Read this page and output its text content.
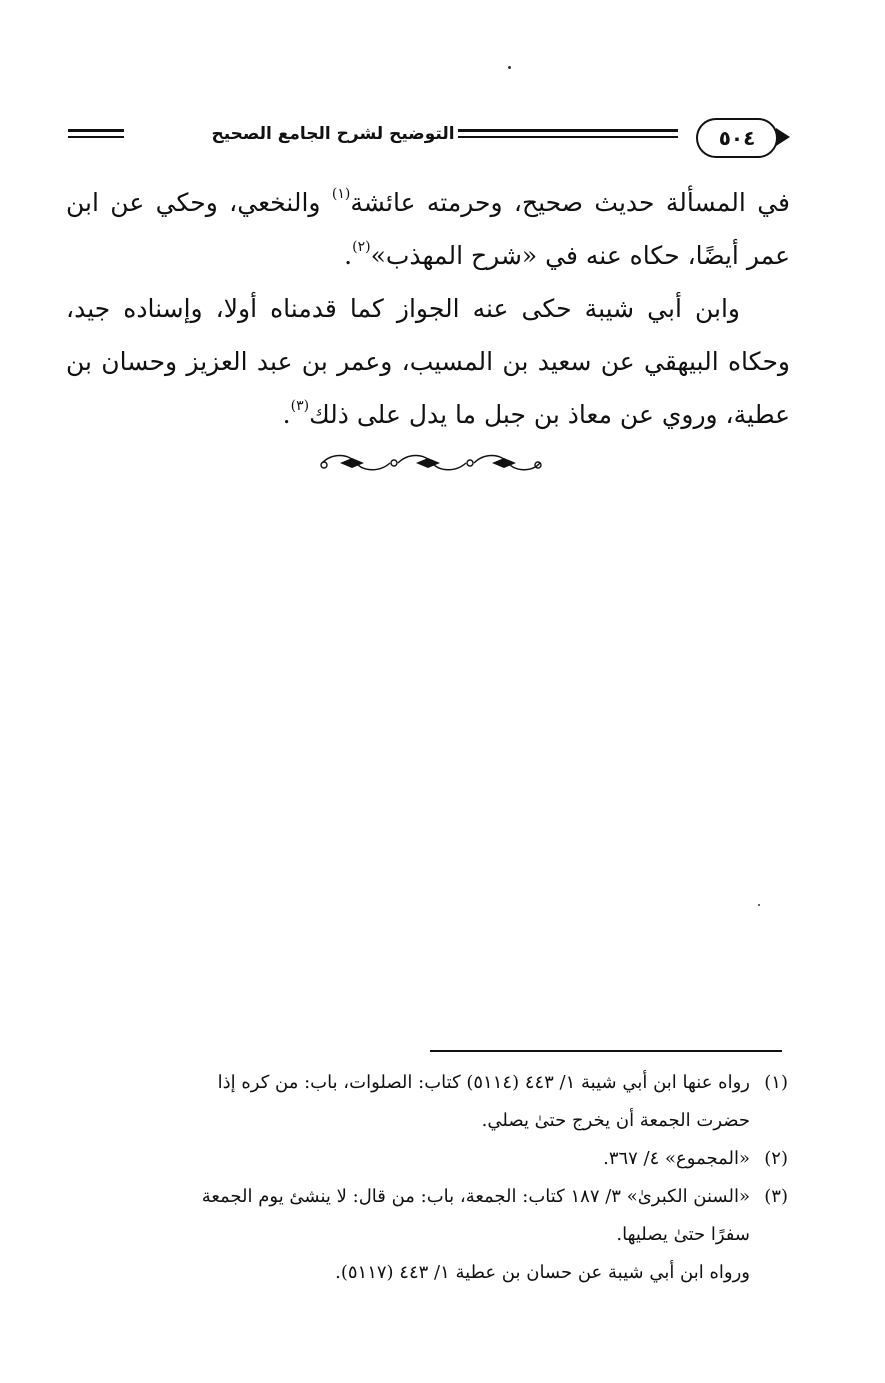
التوضيح لشرح الجامع الصحيح	٥٠٤

في المسألة حديث صحيح، وحرمته عائشة$^{(١)}$ والنخعي، وحكي عن ابن عمر أيضًا، حكاه عنه في «شرح المهذب»$^{(٢)}$.

وابن أبي شيبة حكى عنه الجواز كما قدمناه أولا، وإسناده جيد، وحكاه البيهقي عن سعيد بن المسيب، وعمر بن عبد العزيز وحسان بن عطية، وروي عن معاذ بن جبل ما يدل على ذلك$^{(٣)}$.

(١)
رواه عنها ابن أبي شيبة ١/ ٤٤٣ (٥١١٤) كتاب: الصلوات، باب: من كره إذا
حضرت الجمعة أن يخرج حتىٰ يصلي.
(٢)
«المجموع» ٤/ ٣٦٧.
(٣)
«السنن الكبرىٰ» ٣/ ١٨٧ كتاب: الجمعة، باب: من قال: لا ينشئ يوم الجمعة
سفرًا حتىٰ يصليها.
ورواه ابن أبي شيبة عن حسان بن عطية ١/ ٤٤٣ (٥١١٧).
